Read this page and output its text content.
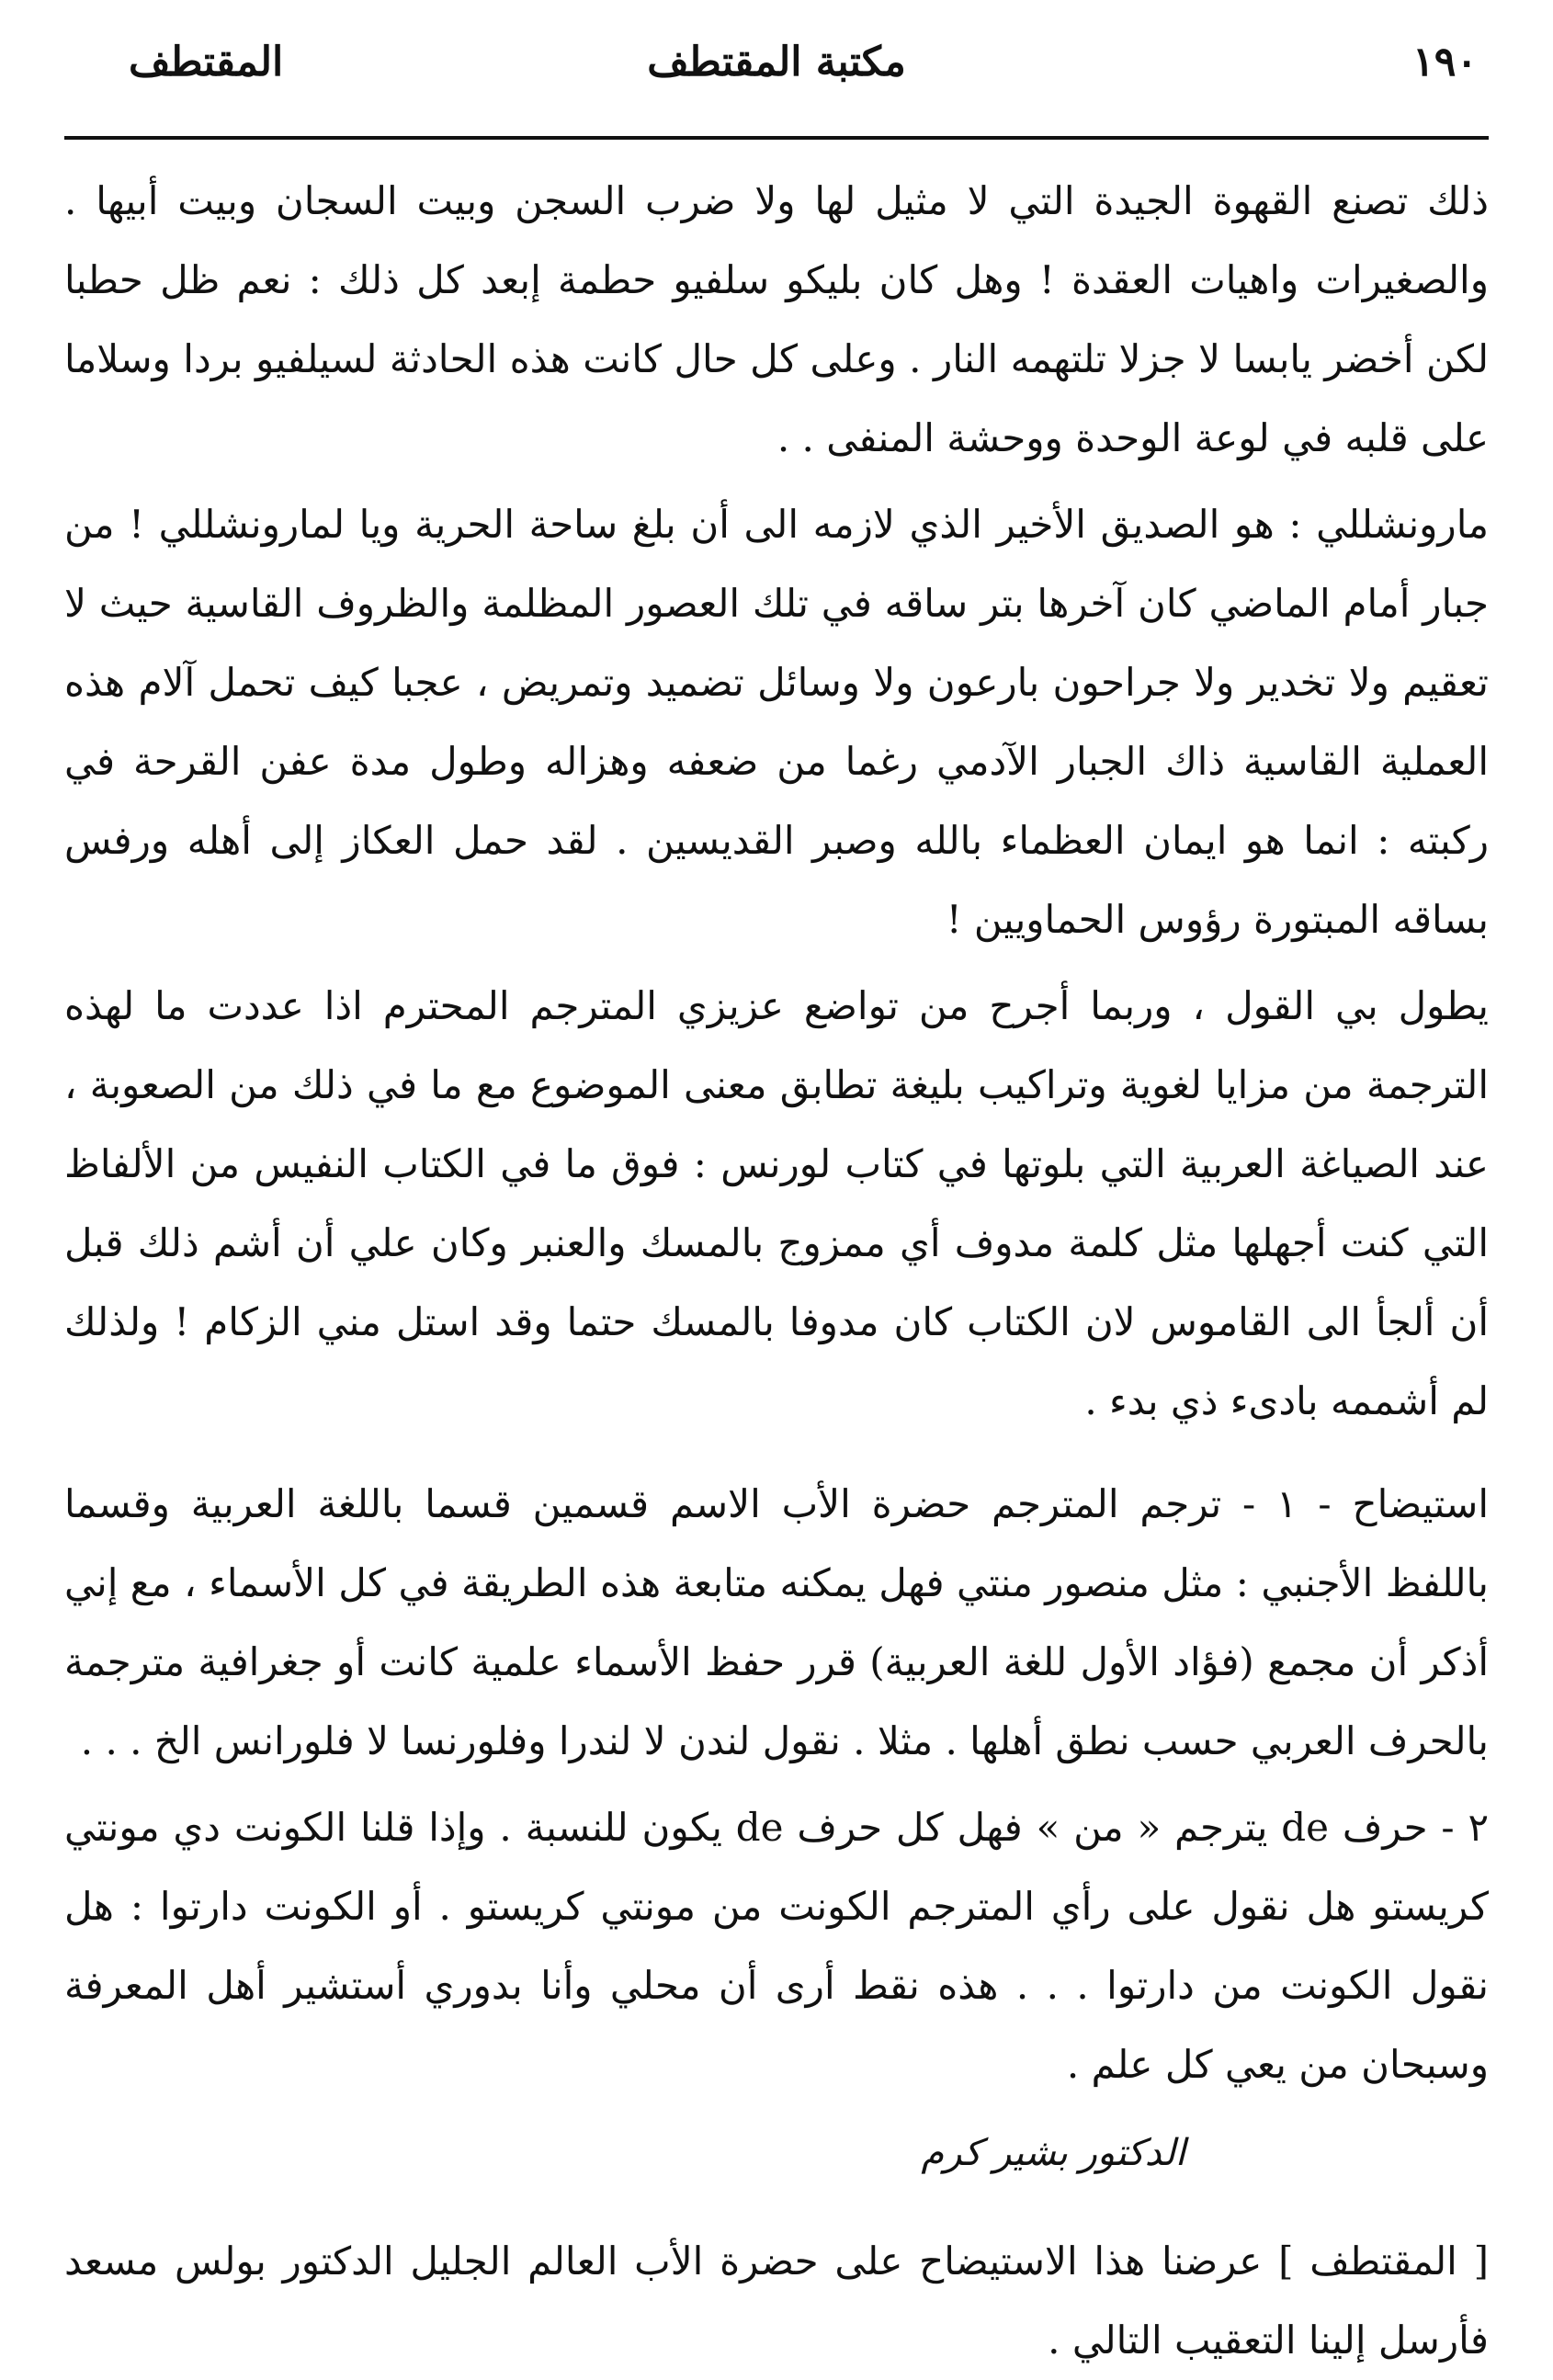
١٩٠
مكتبة المقتطف
المقتطف

ذلك تصنع القهوة الجيدة التي لا مثيل لها ولا ضرب السجن وبيت السجان وبيت أبيها . والصغيرات واهيات العقدة ! وهل كان بليكو سلفيو حطمة إبعد كل ذلك : نعم ظل حطبا لكن أخضر يابسا لا جزلا تلتهمه النار . وعلى كل حال كانت هذه الحادثة لسيلفيو بردا وسلاما على قلبه في لوعة الوحدة ووحشة المنفى . .

مارونشللي : هو الصديق الأخير الذي لازمه الى أن بلغ ساحة الحرية ويا لمارونشللي ! من جبار أمام الماضي كان آخرها بتر ساقه في تلك العصور المظلمة والظروف القاسية حيث لا تعقيم ولا تخدير ولا جراحون بارعون ولا وسائل تضميد وتمريض ، عجبا كيف تحمل آلام هذه العملية القاسية ذاك الجبار الآدمي رغما من ضعفه وهزاله وطول مدة عفن القرحة في ركبته : انما هو ايمان العظماء بالله وصبر القديسين . لقد حمل العكاز إلى أهله ورفس بساقه المبتورة رؤوس الحماويين !

يطول بي القول ، وربما أجرح من تواضع عزيزي المترجم المحترم اذا عددت ما لهذه الترجمة من مزايا لغوية وتراكيب بليغة تطابق معنى الموضوع مع ما في ذلك من الصعوبة ، عند الصياغة العربية التي بلوتها في كتاب لورنس : فوق ما في الكتاب النفيس من الألفاظ التي كنت أجهلها مثل كلمة مدوف أي ممزوج بالمسك والعنبر وكان علي أن أشم ذلك قبل أن ألجأ الى القاموس لان الكتاب كان مدوفا بالمسك حتما وقد استل مني الزكام ! ولذلك لم أشممه بادىء ذي بدء .

استيضاح - ١ - ترجم المترجم حضرة الأب الاسم قسمين قسما باللغة العربية وقسما باللفظ الأجنبي : مثل منصور منتي فهل يمكنه متابعة هذه الطريقة في كل الأسماء ، مع إني أذكر أن مجمع (فؤاد الأول للغة العربية) قرر حفظ الأسماء علمية كانت أو جغرافية مترجمة بالحرف العربي حسب نطق أهلها . مثلا . نقول لندن لا لندرا وفلورنسا لا فلورانس الخ . . .

٢ - حرف de يترجم « من » فهل كل حرف de يكون للنسبة . وإذا قلنا الكونت دي مونتي كريستو هل نقول على رأي المترجم الكونت من مونتي كريستو . أو الكونت دارتوا : هل نقول الكونت من دارتوا . . . هذه نقط أرى أن محلي وأنا بدوري أستشير أهل المعرفة وسبحان من يعي كل علم .

الدكتور بشير كرم

[ المقتطف ] عرضنا هذا الاستيضاح على حضرة الأب العالم الجليل الدكتور بولس مسعد فأرسل إلينا التعقيب التالي .
